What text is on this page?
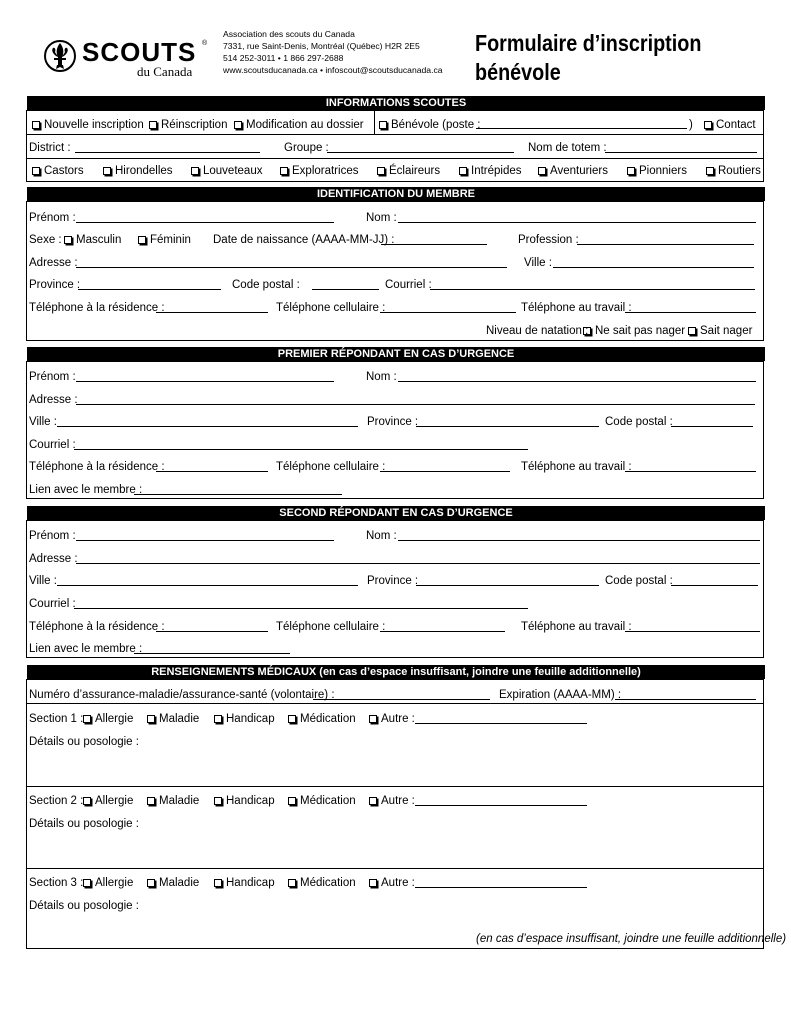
SCOUTS ®
du Canada
Association des scouts du Canada
7331, rue Saint-Denis, Montréal (Québec) H2R 2E5
514 252-3011 • 1 866 297-2688
www.scoutsducanada.ca • infoscout@scoutsducanada.ca
Formulaire d’inscription
bénévole
INFORMATIONS SCOUTES
Nouvelle inscription	Réinscription	Modification au dossier	Bénévole (poste :	)	Contact
District :	Groupe :	Nom de totem :
Castors	Hirondelles	Louveteaux	Exploratrices	Éclaireurs	Intrépides	Aventuriers	Pionniers	Routiers
IDENTIFICATION DU MEMBRE
Prénom :	Nom :
Sexe :	Masculin	Féminin Date de naissance (AAAA-MM-JJ) :	Profession :
Adresse :	Ville :
Province :	Code postal :	Courriel :
Téléphone à la résidence :	Téléphone cellulaire :	Téléphone au travail :
Niveau de natation : Ne sait pas nager	Sait nager
PREMIER RÉPONDANT EN CAS D’URGENCE
Prénom :	Nom :
Adresse :
Ville :	Province :	Code postal :
Courriel :
Téléphone à la résidence :	Téléphone cellulaire :	Téléphone au travail :
Lien avec le membre :
SECOND RÉPONDANT EN CAS D’URGENCE
Prénom :	Nom :
Adresse :
Ville :	Province :	Code postal :
Courriel :
Téléphone à la résidence :	Téléphone cellulaire :	Téléphone au travail :
Lien avec le membre :
RENSEIGNEMENTS MÉDICAUX (en cas d’espace insuffisant, joindre une feuille additionnelle)
Numéro d’assurance-maladie/assurance-santé (volontaire) :	Expiration (AAAA-MM) :
Section 1 :	Allergie	Maladie	Handicap	Médication	Autre :
Détails ou posologie :
Section 2 :	Allergie	Maladie	Handicap	Médication	Autre :
Détails ou posologie :
Section 3 :	Allergie	Maladie	Handicap	Médication	Autre :
Détails ou posologie :
(en cas d’espace insuffisant, joindre une feuille additionnelle)
